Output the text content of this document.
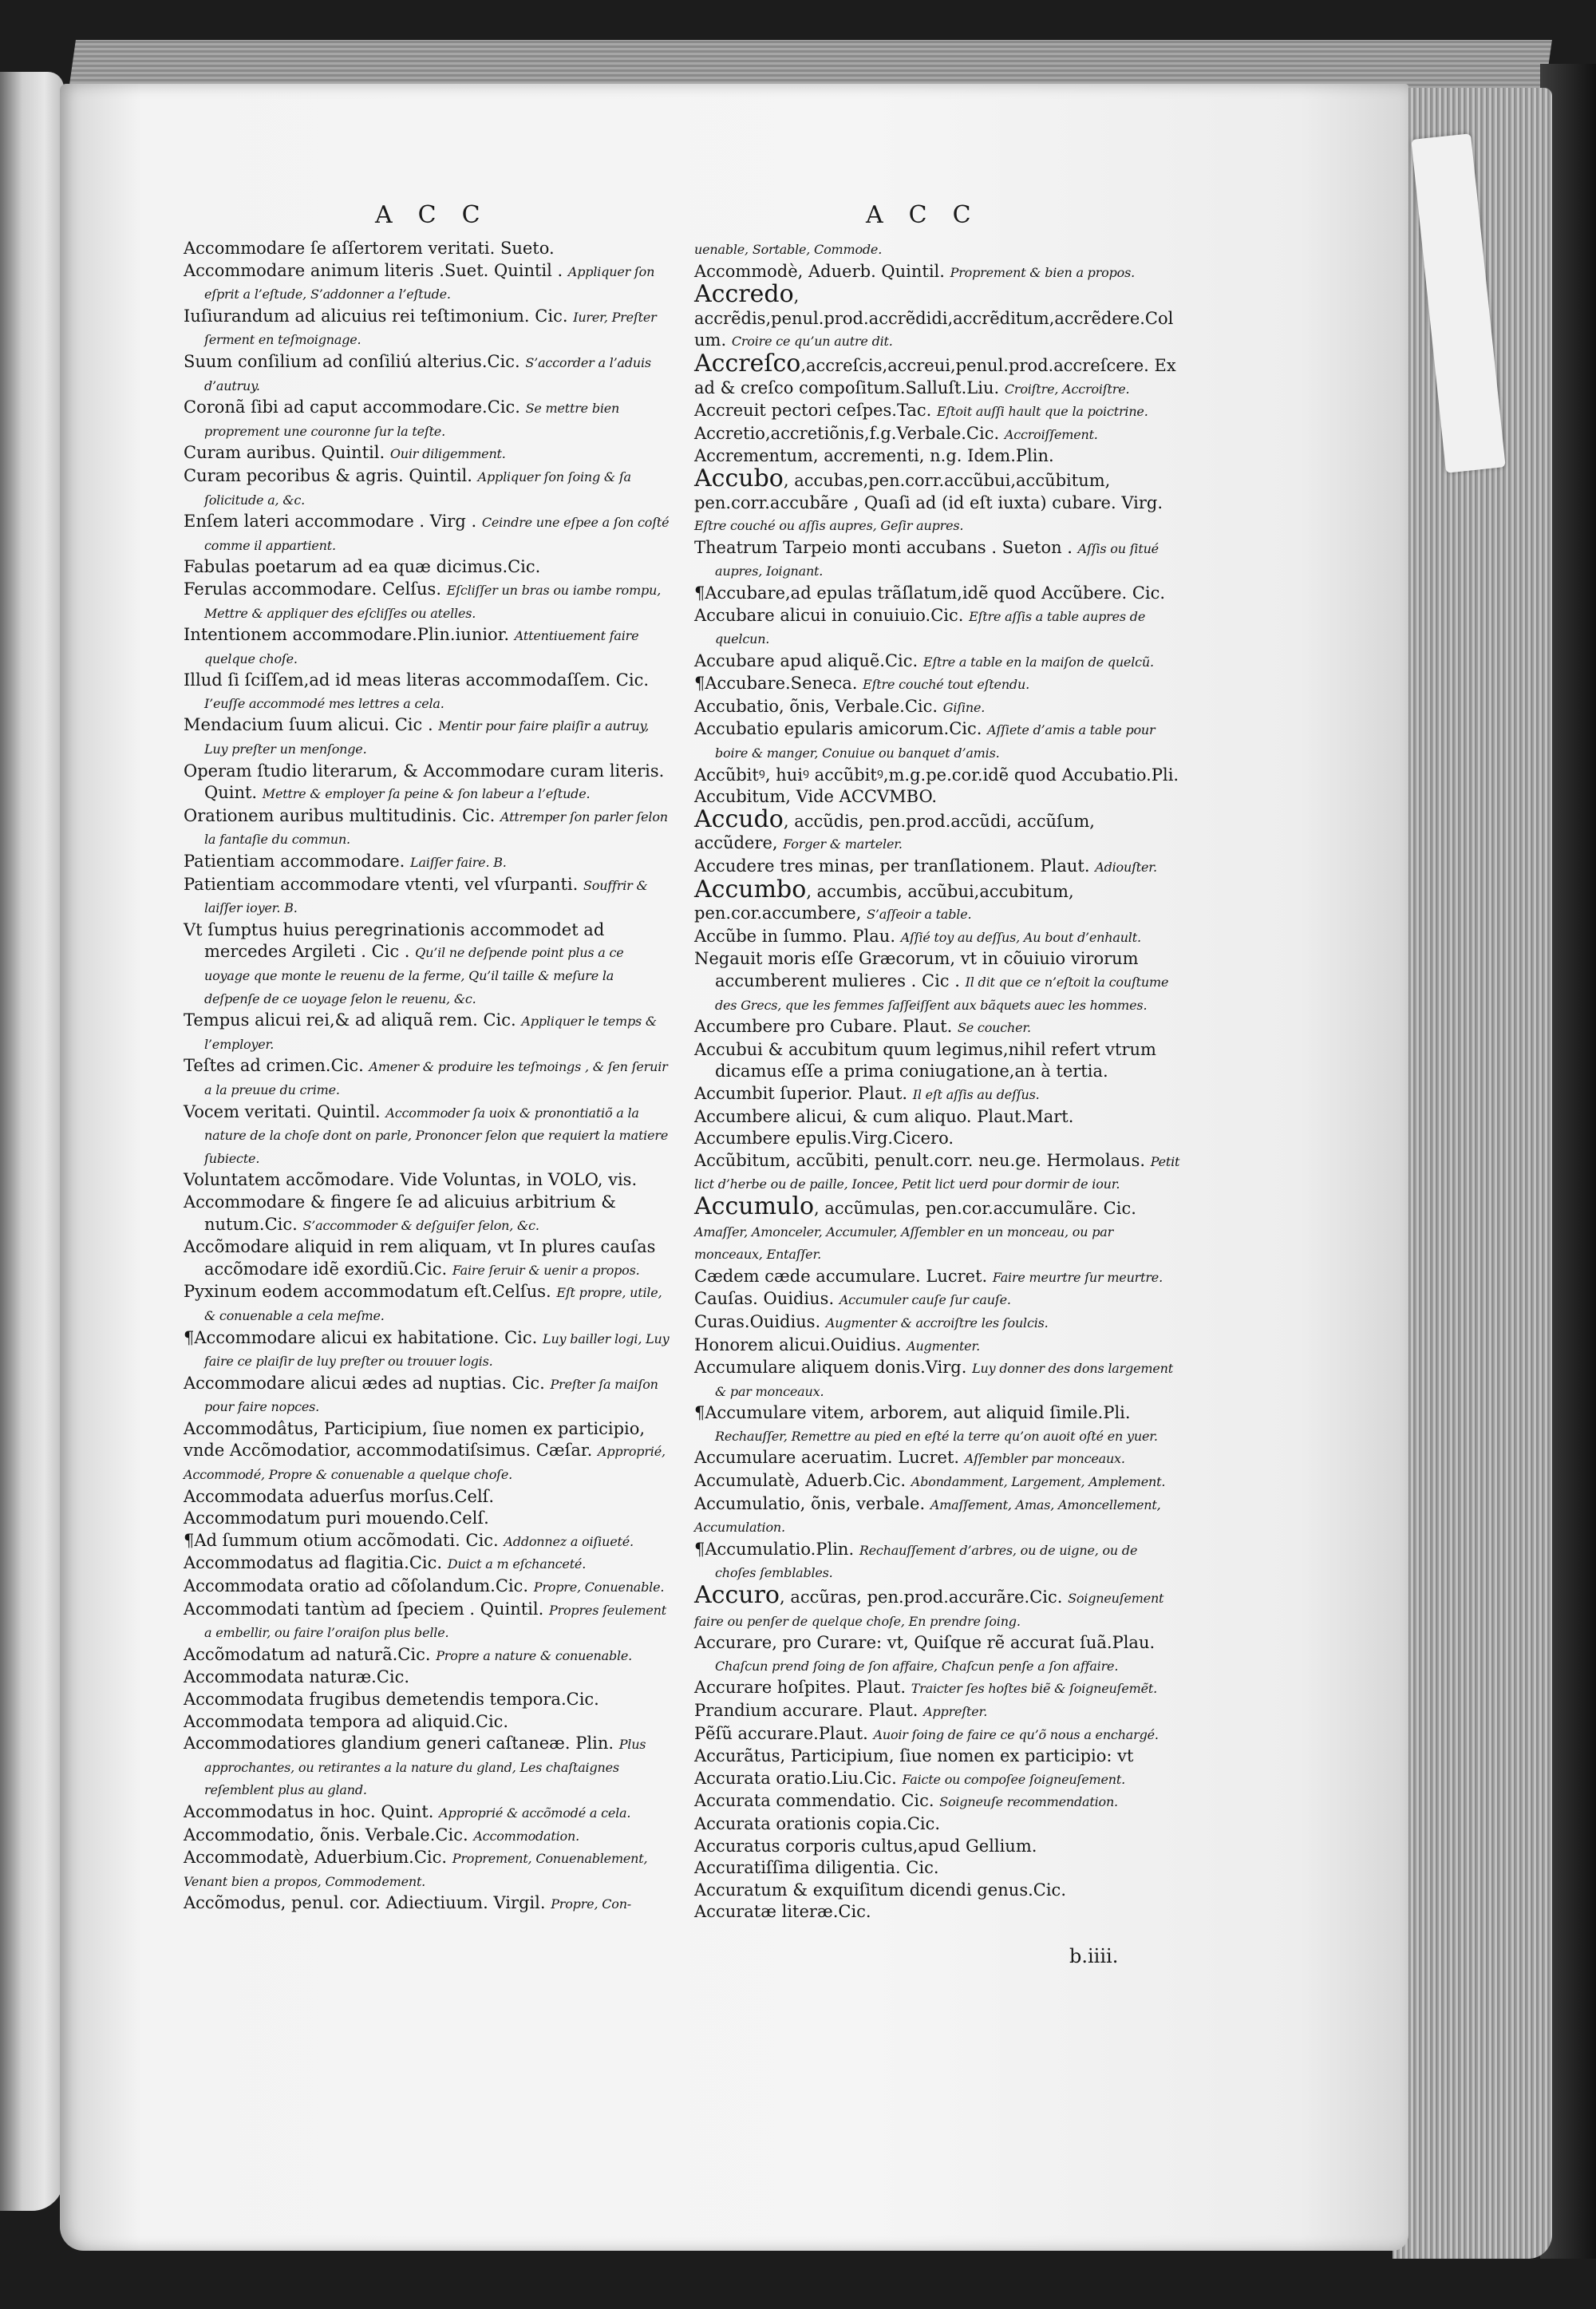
ACC	ACC

Accommodare ſe aſſertorem veritati. Sueto.

Accommodare animum literis .Suet. Quintil . Appliquer ſon eſprit a l’eſtude, S’addonner a l’eſtude.

Iuſiurandum ad alicuius rei teſtimonium. Cic. Iurer, Preſter ſerment en teſmoignage.

Suum conſilium ad conſiliú alterius.Cic. S’accorder a l’aduis d’autruy.

Coronã ſibi ad caput accommodare.Cic. Se mettre bien proprement une couronne ſur la teſte.

Curam auribus. Quintil. Ouir diligemment.

Curam pecoribus & agris. Quintil. Appliquer ſon ſoing & ſa ſolicitude a, &c.

Enſem lateri accommodare . Virg . Ceindre une eſpee a ſon coſté comme il appartient.

Fabulas poetarum ad ea quæ dicimus.Cic.

Ferulas accommodare. Celſus. Eſcliſſer un bras ou iambe rompu, Mettre & appliquer des eſcliſſes ou atelles.

Intentionem accommodare.Plin.iunior. Attentiuement faire quelque choſe.

Illud ſi ſciſſem,ad id meas literas accommodaſſem. Cic. I’euſſe accommodé mes lettres a cela.

Mendacium ſuum alicui. Cic . Mentir pour faire plaiſir a autruy, Luy preſter un menſonge.

Operam ſtudio literarum, & Accommodare curam literis. Quint. Mettre & employer ſa peine & ſon labeur a l’eſtude.

Orationem auribus multitudinis. Cic. Attremper ſon parler ſelon la fantaſie du commun.

Patientiam accommodare. Laiſſer faire. B.

Patientiam accommodare vtenti, vel vſurpanti. Souffrir & laiſſer ioyer. B.

Vt ſumptus huius peregrinationis accommodet ad mercedes Argileti . Cic . Qu’il ne deſpende point plus a ce uoyage que monte le reuenu de la ferme, Qu’il taille & meſure la deſpenſe de ce uoyage ſelon le reuenu, &c.

Tempus alicui rei,& ad aliquã rem. Cic. Appliquer le temps & l’employer.

Teſtes ad crimen.Cic. Amener & produire les teſmoings , & ſen ſeruir a la preuue du crime.

Vocem veritati. Quintil. Accommoder ſa uoix & pronontiatiõ a la nature de la choſe dont on parle, Prononcer ſelon que requiert la matiere ſubiecte.

Voluntatem accõmodare. Vide Voluntas, in VOLO, vis.

Accommodare & fingere ſe ad alicuius arbitrium & nutum.Cic. S’accommoder & deſguiſer ſelon, &c.

Accõmodare aliquid in rem aliquam, vt In plures cauſas accõmodare idẽ exordiũ.Cic. Faire ſeruir & uenir a propos.

Pyxinum eodem accommodatum eſt.Celſus. Eſt propre, utile, & conuenable a cela meſme.

¶Accommodare alicui ex habitatione. Cic. Luy bailler logi, Luy faire ce plaiſir de luy preſter ou trouuer logis.

Accommodare alicui ædes ad nuptias. Cic. Preſter ſa maiſon pour faire nopces.

Accommodâtus, Participium, ſiue nomen ex participio, vnde Accõmodatior, accommodatiſsimus. Cæſar. Approprié, Accommodé, Propre & conuenable a quelque choſe.

Accommodata aduerſus morſus.Celſ.

Accommodatum puri mouendo.Celſ.

¶Ad ſummum otium accõmodati. Cic. Addonnez a oiſiueté.

Accommodatus ad flagitia.Cic. Duict a m eſchanceté.

Accommodata oratio ad cõſolandum.Cic. Propre, Conuenable.

Accommodati tantùm ad ſpeciem . Quintil. Propres ſeulement a embellir, ou faire l’oraiſon plus belle.

Accõmodatum ad naturã.Cic. Propre a nature & conuenable.

Accommodata naturæ.Cic.

Accommodata frugibus demetendis tempora.Cic.

Accommodata tempora ad aliquid.Cic.

Accommodatiores glandium generi caſtaneæ. Plin. Plus approchantes, ou retirantes a la nature du gland, Les chaſtaignes reſemblent plus au gland.

Accommodatus in hoc. Quint. Approprié & accõmodé a cela.

Accommodatio, õnis. Verbale.Cic. Accommodation.

Accommodatè, Aduerbium.Cic. Proprement, Conuenablement, Venant bien a propos, Commodement.

Accõmodus, penul. cor. Adiectiuum. Virgil. Propre, Con-

uenable, Sortable, Commode.

Accommodè, Aduerb. Quintil. Proprement & bien a propos.

Accredo, accrẽdis,penul.prod.accrẽdidi,accrẽditum,accrẽdere.Colum. Croire ce qu’un autre dit.

Accreſco,accreſcis,accreui,penul.prod.accreſcere. Ex ad & creſco compoſitum.Salluſt.Liu. Croiſtre, Accroiſtre.

Accreuit pectori ceſpes.Tac. Eſtoit auſſi hault que la poictrine.

Accretio,accretiõnis,f.g.Verbale.Cic. Accroiſſement.

Accrementum, accrementi, n.g. Idem.Plin.

Accubo, accubas,pen.corr.accũbui,accũbitum, pen.corr.accubãre , Quaſi ad (id eſt iuxta) cubare. Virg. Eſtre couché ou aſſis aupres, Geſir aupres.

Theatrum Tarpeio monti accubans . Sueton . Aſſis ou ſitué aupres, Ioignant.

¶Accubare,ad epulas trãſlatum,idẽ quod Accũbere. Cic.

Accubare alicui in conuiuio.Cic. Eſtre aſſis a table aupres de quelcun.

Accubare apud aliquẽ.Cic. Eſtre a table en la maiſon de quelcũ.

¶Accubare.Seneca. Eſtre couché tout eſtendu.

Accubatio, õnis, Verbale.Cic. Giſine.

Accubatio epularis amicorum.Cic. Aſſiete d’amis a table pour boire & manger, Conuiue ou banquet d’amis.

Accũbitꝰ, huiꝰ accũbitꝰ,m.g.pe.cor.idẽ quod Accubatio.Pli.

Accubitum, Vide ACCVMBO.

Accudo, accũdis, pen.prod.accũdi, accũſum, accũdere, Forger & marteler.

Accudere tres minas, per tranſlationem. Plaut. Adiouſter.

Accumbo, accumbis, accũbui,accubitum, pen.cor.accumbere, S’aſſeoir a table.

Accũbe in ſummo. Plau. Aſſié toy au deſſus, Au bout d’enhault.

Negauit moris eſſe Græcorum, vt in cõuiuio virorum accumberent mulieres . Cic . Il dit que ce n’eſtoit la couſtume des Grecs, que les femmes ſaſſeiſſent aux bãquets auec les hommes.

Accumbere pro Cubare. Plaut. Se coucher.

Accubui & accubitum quum legimus,nihil refert vtrum dicamus eſſe a prima coniugatione,an à tertia.

Accumbit ſuperior. Plaut. Il eſt aſſis au deſſus.

Accumbere alicui, & cum aliquo. Plaut.Mart.

Accumbere epulis.Virg.Cicero.

Accũbitum, accũbiti, penult.corr. neu.ge. Hermolaus. Petit lict d’herbe ou de paille, Ioncee, Petit lict uerd pour dormir de iour.

Accumulo, accũmulas, pen.cor.accumulãre. Cic. Amaſſer, Amonceler, Accumuler, Aſſembler en un monceau, ou par monceaux, Entaſſer.

Cædem cæde accumulare. Lucret. Faire meurtre ſur meurtre.

Cauſas. Ouidius. Accumuler cauſe ſur cauſe.

Curas.Ouidius. Augmenter & accroiſtre les ſoulcis.

Honorem alicui.Ouidius. Augmenter.

Accumulare aliquem donis.Virg. Luy donner des dons largement & par monceaux.

¶Accumulare vitem, arborem, aut aliquid ſimile.Pli. Rechauſſer, Remettre au pied en eſté la terre qu’on auoit oſté en yuer.

Accumulare aceruatim. Lucret. Aſſembler par monceaux.

Accumulatè, Aduerb.Cic. Abondamment, Largement, Amplement.

Accumulatio, õnis, verbale. Amaſſement, Amas, Amoncellement, Accumulation.

¶Accumulatio.Plin. Rechauſſement d’arbres, ou de uigne, ou de choſes ſemblables.

Accuro, accũras, pen.prod.accurãre.Cic. Soigneuſement faire ou penſer de quelque choſe, En prendre ſoing.

Accurare, pro Curare: vt, Quiſque rẽ accurat ſuã.Plau. Chaſcun prend ſoing de ſon affaire, Chaſcun penſe a ſon affaire.

Accurare hoſpites. Plaut. Traicter ſes hoſtes biẽ & ſoigneuſemẽt.

Prandium accurare. Plaut. Appreſter.

Pẽſũ accurare.Plaut. Auoir ſoing de faire ce qu’õ nous a enchargé.

Accurãtus, Participium, ſiue nomen ex participio: vt Accurata oratio.Liu.Cic. Faicte ou compoſee ſoigneuſement.

Accurata commendatio. Cic. Soigneuſe recommendation.

Accurata orationis copia.Cic.

Accuratus corporis cultus,apud Gellium.

Accuratiſſima diligentia. Cic.

Accuratum & exquiſitum dicendi genus.Cic.

Accuratæ literæ.Cic.

b.iiii.
